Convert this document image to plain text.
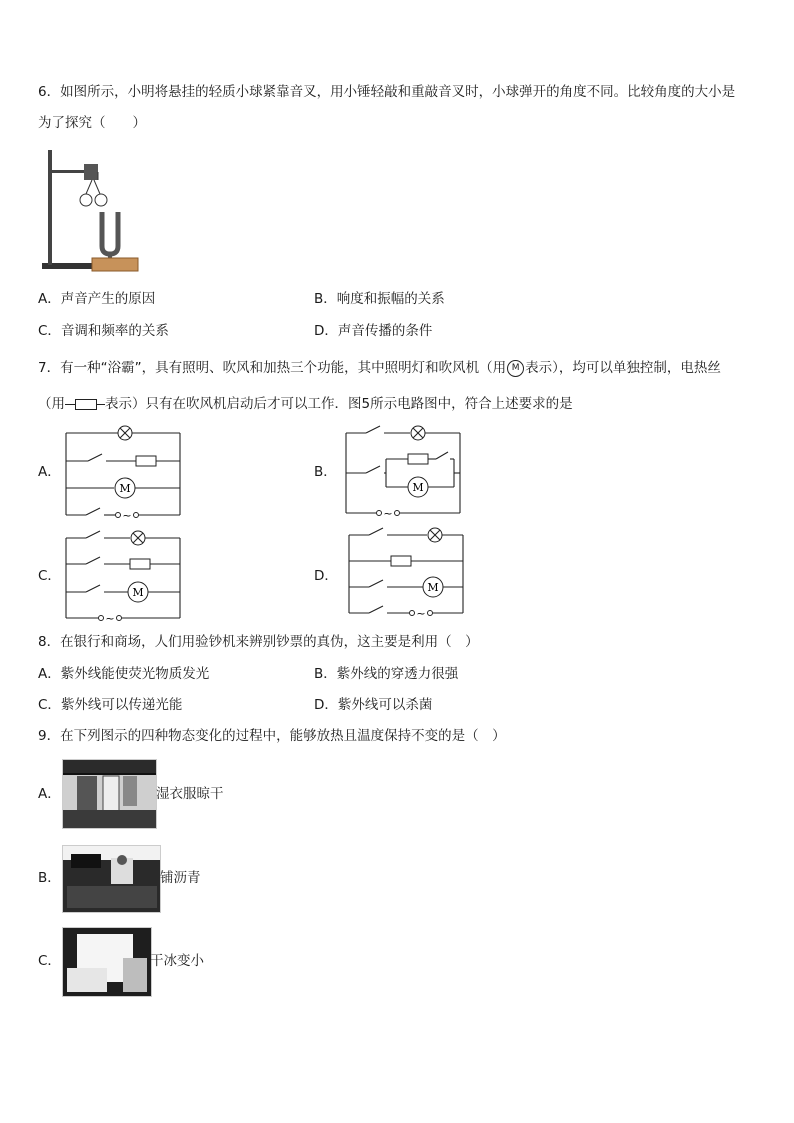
6．如图所示，小明将悬挂的轻质小球紧靠音叉，用小锤轻敲和重敲音叉时，小球弹开的角度不同。比较角度的大小是
为了探究（　　）
A．声音产生的原因	B．响度和振幅的关系
C．音调和频率的关系	D．声音传播的条件
7．有一种“浴霸”，具有照明、吹风和加热三个功能，其中照明灯和吹风机（用 M 表示），均可以单独控制，电热丝
（用	表示）只有在吹风机启动后才可以工作．图5所示电路图中，符合上述要求的是
A．	B．
C．	D．
M
~
M
~
M
~
M
~
8．在银行和商场，人们用验钞机来辨别钞票的真伪，这主要是利用（　）
A．紫外线能使荧光物质发光	B．紫外线的穿透力很强
C．紫外线可以传递光能	D．紫外线可以杀菌
9．在下列图示的四种物态变化的过程中，能够放热且温度保持不变的是（　）
A．	湿衣服晾干
B．	铺沥青
C．	干冰变小
